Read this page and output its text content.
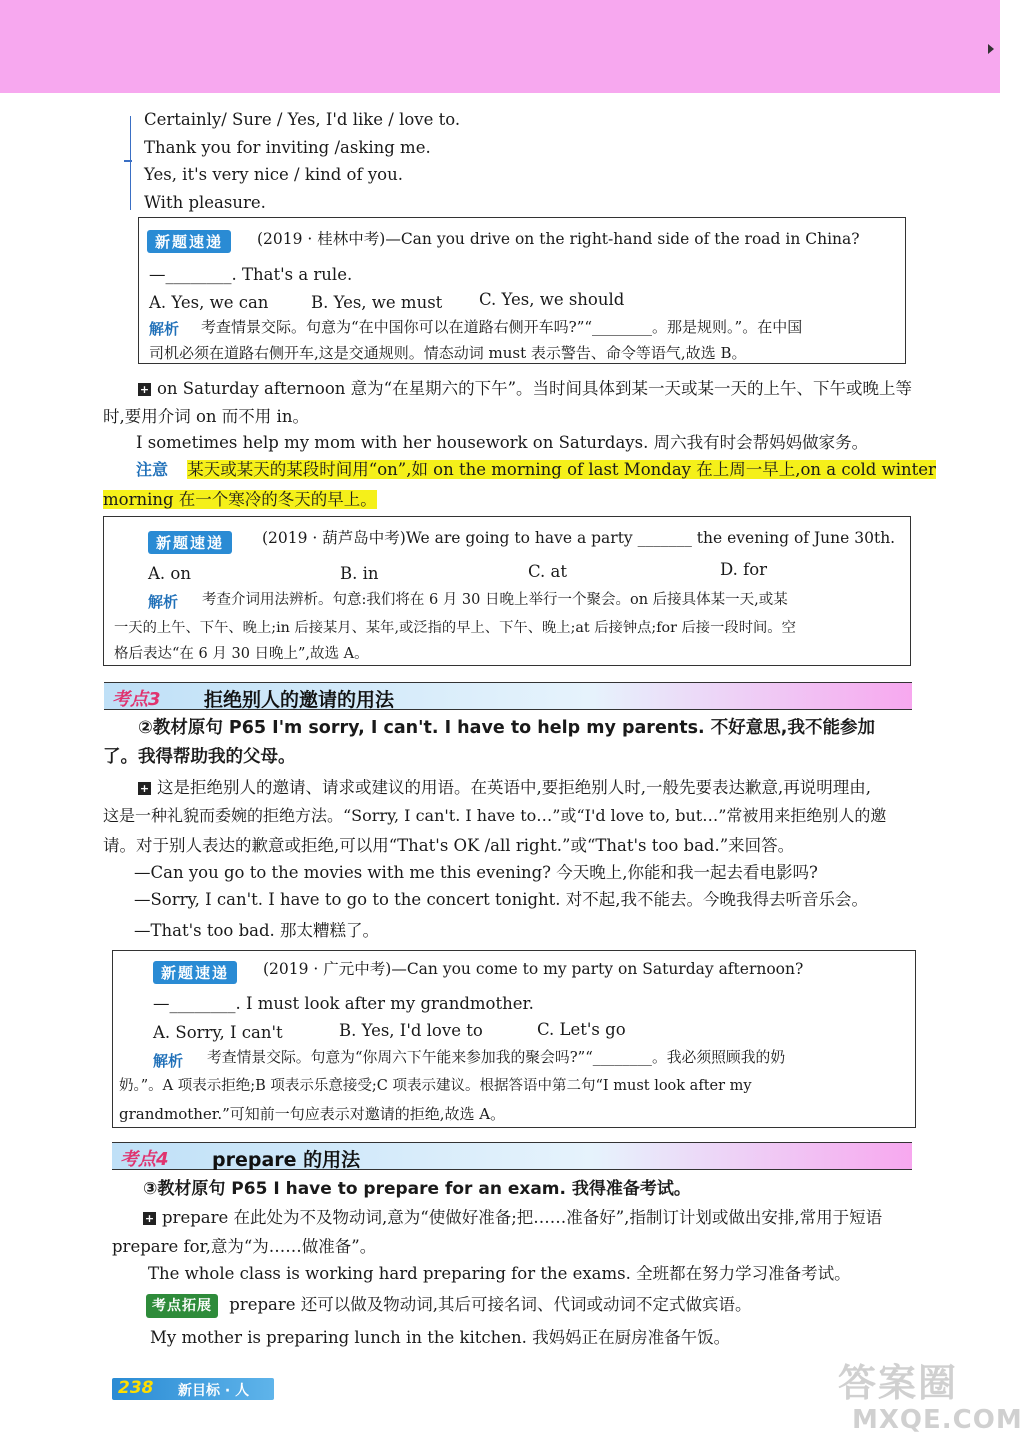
Certainly/ Sure / Yes, I'd like / love to.
Thank you for inviting /asking me.
Yes, it's very nice / kind of you.
With pleasure.
新题速递	(2019 · 桂林中考)—Can you drive on the right-hand side of the road in China?
—________. That's a rule.
A. Yes, we can	B. Yes, we must C. Yes, we should
解析 考查情景交际。句意为“在中国你可以在道路右侧开车吗?”“________。那是规则。”。在中国
司机必须在道路右侧开车,这是交通规则。情态动词 must 表示警告、命令等语气,故选 B。
+ on Saturday afternoon 意为“在星期六的下午”。当时间具体到某一天或某一天的上午、下午或晚上等
时,要用介词 on 而不用 in。
I sometimes help my mom with her housework on Saturdays. 周六我有时会帮妈妈做家务。
注意 某天或某天的某段时间用“on”,如 on the morning of last Monday 在上周一早上,on a cold winter
morning 在一个寒冷的冬天的早上。
新题速递	(2019 · 葫芦岛中考)We are going to have a party _______ the evening of June 30th.
A. on	B. in	C. at	D. for
解析 考查介词用法辨析。句意:我们将在 6 月 30 日晚上举行一个聚会。on 后接具体某一天,或某
一天的上午、下午、晚上;in 后接某月、某年,或泛指的早上、下午、晚上;at 后接钟点;for 后接一段时间。空
格后表达“在 6 月 30 日晚上”,故选 A。
考点3 拒绝别人的邀请的用法
②教材原句 P65 I'm sorry, I can't. I have to help my parents. 不好意思,我不能参加
了。我得帮助我的父母。
+ 这是拒绝别人的邀请、请求或建议的用语。在英语中,要拒绝别人时,一般先要表达歉意,再说明理由,
这是一种礼貌而委婉的拒绝方法。“Sorry, I can't. I have to…”或“I'd love to, but…”常被用来拒绝别人的邀
请。对于别人表达的歉意或拒绝,可以用“That's OK /all right.”或“That's too bad.”来回答。
—Can you go to the movies with me this evening? 今天晚上,你能和我一起去看电影吗?
—Sorry, I can't. I have to go to the concert tonight. 对不起,我不能去。今晚我得去听音乐会。
—That's too bad. 那太糟糕了。
新题速递	(2019 · 广元中考)—Can you come to my party on Saturday afternoon?
—________. I must look after my grandmother.
A. Sorry, I can't	B. Yes, I'd love to	C. Let's go
解析 考查情景交际。句意为“你周六下午能来参加我的聚会吗?”“________。我必须照顾我的奶
奶。”。A 项表示拒绝;B 项表示乐意接受;C 项表示建议。根据答语中第二句“I must look after my
grandmother.”可知前一句应表示对邀请的拒绝,故选 A。
考点4 prepare 的用法
③教材原句 P65 I have to prepare for an exam. 我得准备考试。
+ prepare 在此处为不及物动词,意为“使做好准备;把……准备好”,指制订计划或做出安排,常用于短语
prepare for,意为“为……做准备”。
The whole class is working hard preparing for the exams. 全班都在努力学习准备考试。
考点拓展 prepare 还可以做及物动词,其后可接名词、代词或动词不定式做宾语。
My mother is preparing lunch in the kitchen. 我妈妈正在厨房准备午饭。
238 新目标 · 人	答案圈
MXQE.COM
